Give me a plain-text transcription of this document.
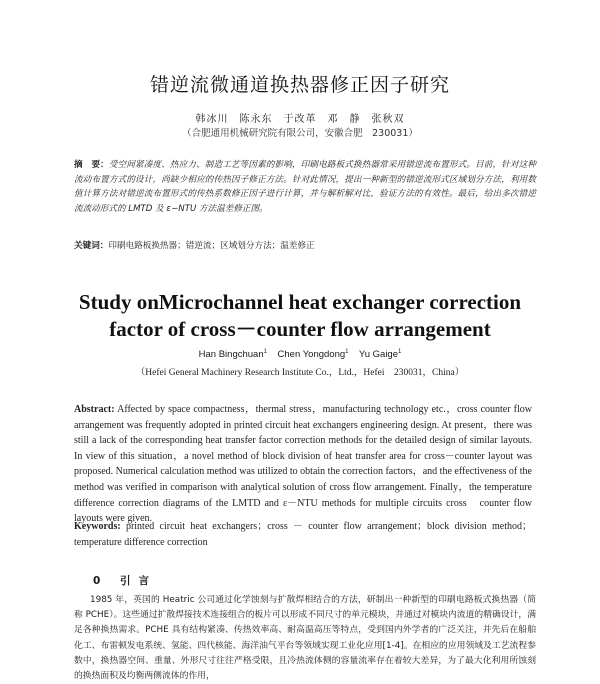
错逆流微通道换热器修正因子研究
韩冰川　陈永东　于改革　邓　静　张秋双
（合肥通用机械研究院有限公司，安徽合肥　230031）
摘　要：受空间紧凑度、热应力、制造工艺等因素的影响，印刷电路板式换热器常采用错逆流布置形式。目前，针对这种流动布置方式的设计，尚缺少相应的传热因子修正方法。针对此情况，提出一种新型的错逆流形式区域划分方法，利用数值计算方法对错逆流布置形式的传热系数修正因子进行计算，并与解析解对比，验证方法的有效性。最后，给出多次错逆流流动形式的 LMTD 及 ε−NTU 方法温差修正图。
关键词：印刷电路板换热器；错逆流；区域划分方法；温差修正
Study onMicrochannel heat exchanger correction
factor of cross－counter flow arrangement
Han Bingchuan$^1$ Chen Yongdong$^1$ Yu Gaige$^1$
（Hefei General Machinery Research Institute Co.，Ltd.，Hefei　230031，China）
Abstract: Affected by space compactness，thermal stress，manufacturing technology etc.，cross counter flow arrangement was frequently adopted in printed circuit heat exchangers engineering design. At present，there was still a lack of the corresponding heat transfer factor correction methods for the detailed design of similar layouts. In view of this situation，a novel method of block division of heat transfer area for cross－counter layout was proposed. Numerical calculation method was utilized to obtain the correction factors，and the effectiveness of the method was verified in comparison with analytical solution of cross flow arrangement. Finally，the temperature difference correction diagrams of the LMTD and ε－NTU methods for multiple circuits cross　counter flow layouts were given.
Keywords: printed circuit heat exchangers；cross － counter flow arrangement；block division method；temperature difference correction
0 引言
1985 年，英国的 Heatric 公司通过化学蚀刻与扩散焊相结合的方法，研制出一种新型的印刷电路板式换热器（简称 PCHE）。这些通过扩散焊接技术连接组合的板片可以形成不同尺寸的单元模块，并通过对模块内流道的精确设计，满足各种换热需求。PCHE 具有结构紧凑、传热效率高、耐高温高压等特点，受到国内外学者的广泛关注，并先后在船舶化工、布雷顿发电系统、氢能、四代核能、海洋油气平台等领域实现工业化应用[1-4]。在相应的应用领域及工艺流程参数中，换热器空间、重量、外形尺寸往往严格受限，且冷热流体侧的容量流率存在着较大差异，为了最大化利用所蚀刻的换热面积及均衡两侧流体的作用，
